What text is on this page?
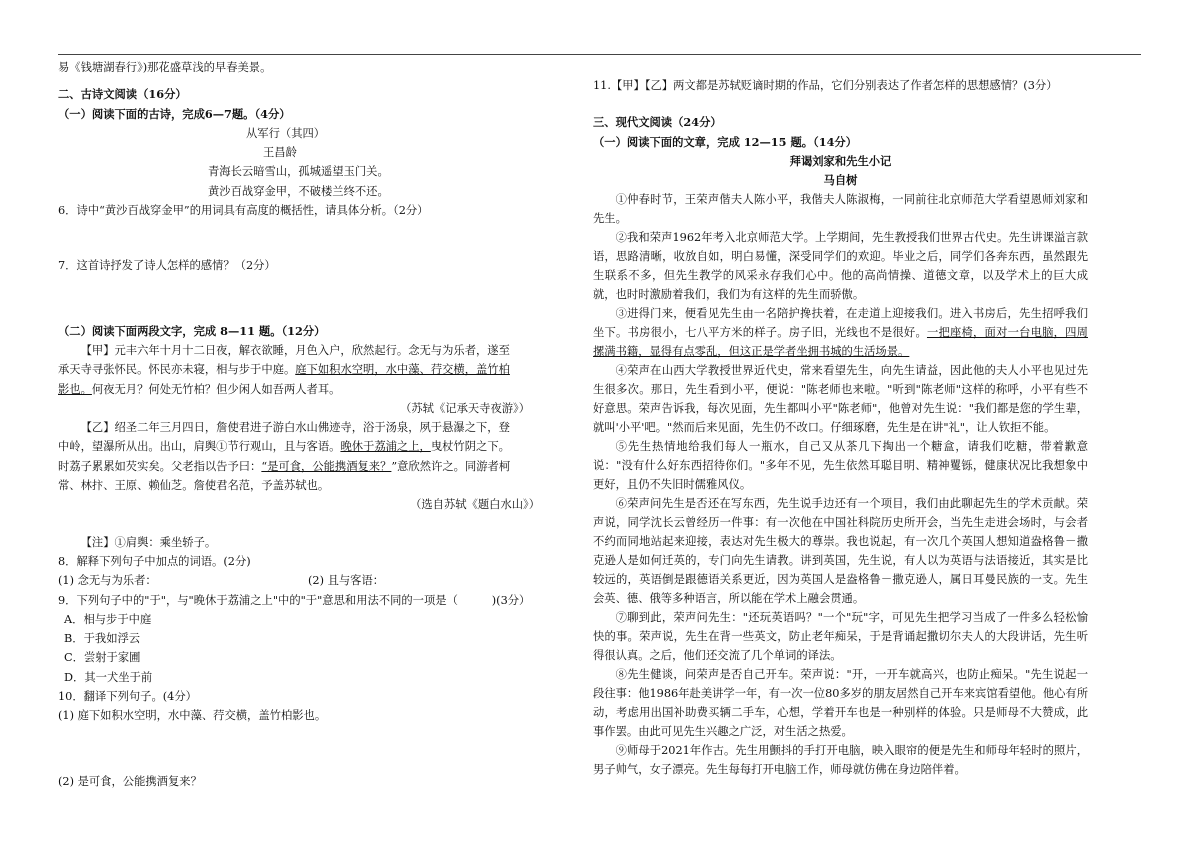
易《钱塘湖春行》)那花盛草浅的早春美景。
二、古诗文阅读（16分）
（一）阅读下面的古诗，完成6—7题。（4分）
从军行（其四）
王昌龄
青海长云暗雪山，孤城遥望玉门关。
黄沙百战穿金甲，不破楼兰终不还。
6．诗中“黄沙百战穿金甲”的用词具有高度的概括性，请具体分析。（2分）
7．这首诗抒发了诗人怎样的感情？（2分）
（二）阅读下面两段文字，完成 8—11 题。（12分）
【甲】元丰六年十月十二日夜，解衣欲睡，月色入户，欣然起行。念无与为乐者，遂至
承天寺寻张怀民。怀民亦未寝，相与步于中庭。庭下如积水空明，水中藻、荇交横，盖竹柏
影也。何夜无月？何处无竹柏？但少闲人如吾两人者耳。
（苏轼《记承天寺夜游》）
【乙】绍圣二年三月四日，詹使君进子游白水山佛迹寺，浴于汤泉，夙于悬瀑之下，登
中岭，望瀑所从出。出山，肩舆①节行观山，且与客语。晚休于荔浦之上，曳杖竹阴之下。
时荔子累累如芡实矣。父老指以告予曰：“是可食，公能携酒复来？”意欣然许之。同游者柯
常、林抃、王原、赖仙芝。詹使君名范，予盖苏轼也。
（选自苏轼《题白水山》）
【注】①肩舆：乘坐轿子。
8．解释下列句子中加点的词语。(2分)
(1) 念无与为乐者：	(2) 且与客语：
9．下列句子中的"于"，与"晚休于荔浦之上"中的"于"意思和用法不同的一项是（　　　)(3分）
A．相与步于中庭
B．于我如浮云
C．尝射于家圃
D．其一犬坐于前
10．翻译下列句子。(4分）
(1) 庭下如积水空明，水中藻、荇交横，盖竹柏影也。
(2) 是可食，公能携酒复来？
11.【甲】【乙】两文都是苏轼贬谪时期的作品，它们分别表达了作者怎样的思想感情？(3分）
三、现代文阅读（24分）
（一）阅读下面的文章，完成 12—15 题。（14分）
拜谒刘家和先生小记
马自树
①仲春时节，王荣声偕夫人陈小平，我偕夫人陈淑梅，一同前往北京师范大学看望恩师刘家和先生。
②我和荣声1962年考入北京师范大学。上学期间，先生教授我们世界古代史。先生讲课溢言款语，思路清晰，收放自如，明白易懂，深受同学们的欢迎。毕业之后，同学们各奔东西，虽然跟先生联系不多，但先生教学的风采永存我们心中。他的高尚情操、道德文章，以及学术上的巨大成就，也时时激励着我们，我们为有这样的先生而骄傲。
③进得门来，便看见先生由一名陪护搀扶着，在走道上迎接我们。进入书房后，先生招呼我们坐下。书房很小，七八平方米的样子。房子旧，光线也不是很好。一把座椅，面对一台电脑，四周摞满书籍，显得有点零乱，但这正是学者坐拥书城的生活场景。
④荣声在山西大学教授世界近代史，常来看望先生，向先生请益，因此他的夫人小平也见过先生很多次。那日，先生看到小平，便说："陈老师也来啦。"听到"陈老师"这样的称呼，小平有些不好意思。荣声告诉我，每次见面，先生都叫小平"陈老师"，他曾对先生说："我们都是您的学生辈，就叫'小平'吧。"然而后来见面，先生仍不改口。仔细琢磨，先生是在讲"礼"，让人钦拒不能。
⑤先生热情地给我们每人一瓶水，自己又从茶几下掏出一个糖盒，请我们吃糖，带着歉意说："没有什么好东西招待你们。"多年不见，先生依然耳聪目明、精神矍铄，健康状况比我想象中更好，且仍不失旧时儒雅风仪。
⑥荣声问先生是否还在写东西，先生说手边还有一个项目，我们由此聊起先生的学术贡献。荣声说，同学沈长云曾经历一件事：有一次他在中国社科院历史所开会，当先生走进会场时，与会者不约而同地站起来迎接，表达对先生极大的尊崇。我也说起，有一次几个英国人想知道盎格鲁－撒克逊人是如何迁英的，专门向先生请教。讲到英国，先生说，有人以为英语与法语接近，其实是比较远的，英语倒是跟德语关系更近，因为英国人是盎格鲁－撒克逊人，属日耳曼民族的一支。先生会英、德、俄等多种语言，所以能在学术上融会贯通。
⑦聊到此，荣声问先生："还玩英语吗？"一个"玩"字，可见先生把学习当成了一件多么轻松愉快的事。荣声说，先生在背一些英文，防止老年痴呆，于是背诵起撒切尔夫人的大段讲话，先生听得很认真。之后，他们还交流了几个单词的译法。
⑧先生健谈，问荣声是否自己开车。荣声说："开，一开车就高兴，也防止痴呆。"先生说起一段往事：他1986年赴美讲学一年，有一次一位80多岁的朋友居然自己开车来宾馆看望他。他心有所动，考虑用出国补助费买辆二手车，心想，学着开车也是一种别样的体验。只是师母不大赞成，此事作罢。由此可见先生兴趣之广泛，对生活之热爱。
⑨师母于2021年作古。先生用颤抖的手打开电脑，映入眼帘的便是先生和师母年轻时的照片，男子帅气，女子漂亮。先生每每打开电脑工作，师母就仿佛在身边陪伴着。
